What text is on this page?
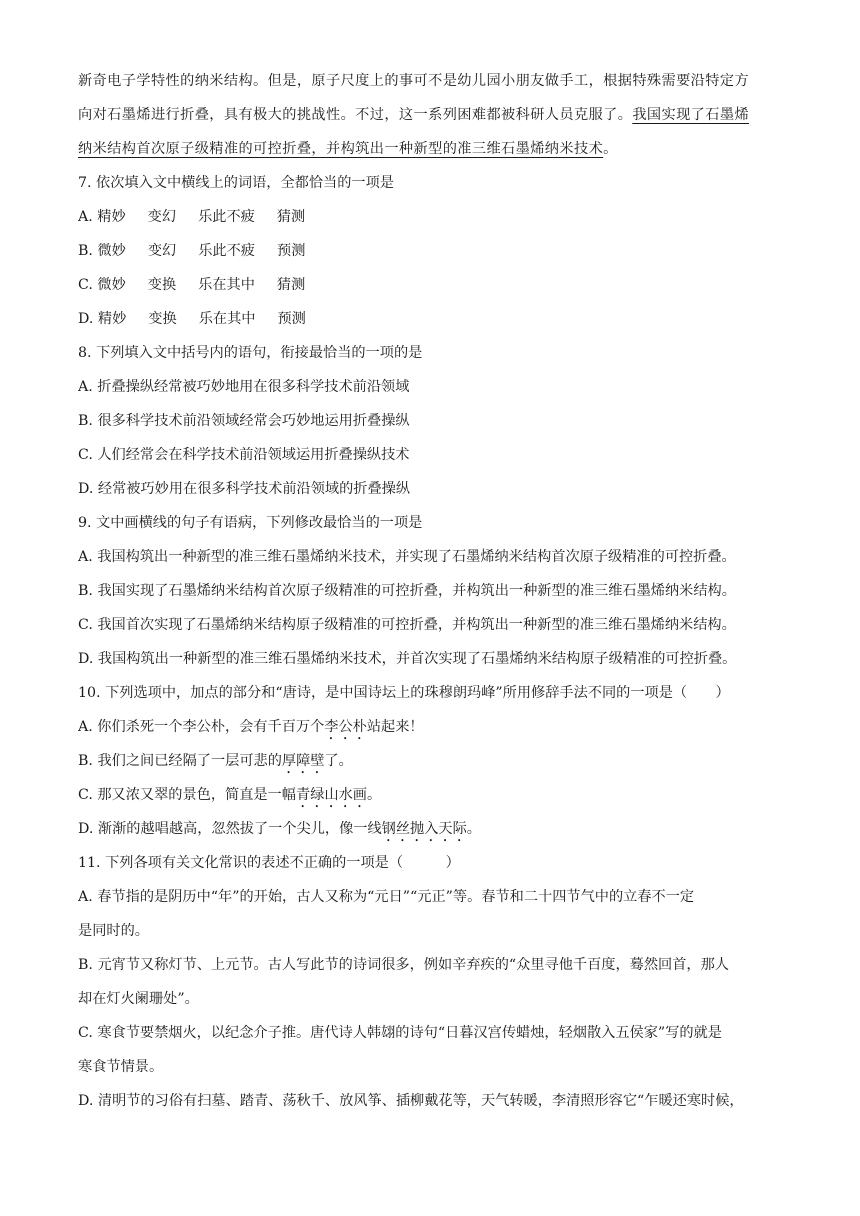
新奇电子学特性的纳米结构。但是，原子尺度上的事可不是幼儿园小朋友做手工，根据特殊需要沿特定方
向对石墨烯进行折叠，具有极大的挑战性。不过，这一系列困难都被科研人员克服了。我国实现了石墨烯
纳米结构首次原子级精准的可控折叠，并构筑出一种新型的准三维石墨烯纳米技术。
7. 依次填入文中横线上的词语，全都恰当的一项是
A. 精妙 变幻 乐此不疲 猜测
B. 微妙 变幻 乐此不疲 预测
C. 微妙 变换 乐在其中 猜测
D. 精妙 变换 乐在其中 预测
8. 下列填入文中括号内的语句，衔接最恰当的一项的是
A. 折叠操纵经常被巧妙地用在很多科学技术前沿领域
B. 很多科学技术前沿领域经常会巧妙地运用折叠操纵
C. 人们经常会在科学技术前沿领域运用折叠操纵技术
D. 经常被巧妙用在很多科学技术前沿领域的折叠操纵
9. 文中画横线的句子有语病，下列修改最恰当的一项是
A. 我国构筑出一种新型的准三维石墨烯纳米技术，并实现了石墨烯纳米结构首次原子级精准的可控折叠。
B. 我国实现了石墨烯纳米结构首次原子级精准的可控折叠，并构筑出一种新型的准三维石墨烯纳米结构。
C. 我国首次实现了石墨烯纳米结构原子级精准的可控折叠，并构筑出一种新型的准三维石墨烯纳米结构。
D. 我国构筑出一种新型的准三维石墨烯纳米技术，并首次实现了石墨烯纳米结构原子级精准的可控折叠。
10. 下列选项中，加点的部分和“唐诗，是中国诗坛上的珠穆朗玛峰”所用修辞手法不同的一项是（　　）
A. 你们杀死一个李公朴，会有千百万个李公朴站起来！
B. 我们之间已经隔了一层可悲的厚障壁了。
C. 那又浓又翠的景色，简直是一幅青绿山水画。
D. 渐渐的越唱越高，忽然拔了一个尖儿，像一线钢丝抛入天际。
11. 下列各项有关文化常识的表述不正确的一项是（　　　）
A. 春节指的是阴历中“年”的开始，古人又称为“元日”“元正”等。春节和二十四节气中的立春不一定
是同时的。
B. 元宵节又称灯节、上元节。古人写此节的诗词很多，例如辛弃疾的“众里寻他千百度，蓦然回首，那人
却在灯火阑珊处”。
C. 寒食节要禁烟火，以纪念介子推。唐代诗人韩翃的诗句“日暮汉宫传蜡烛，轻烟散入五侯家”写的就是
寒食节情景。
D. 清明节的习俗有扫墓、踏青、荡秋千、放风筝、插柳戴花等，天气转暖，李清照形容它“乍暖还寒时候，
